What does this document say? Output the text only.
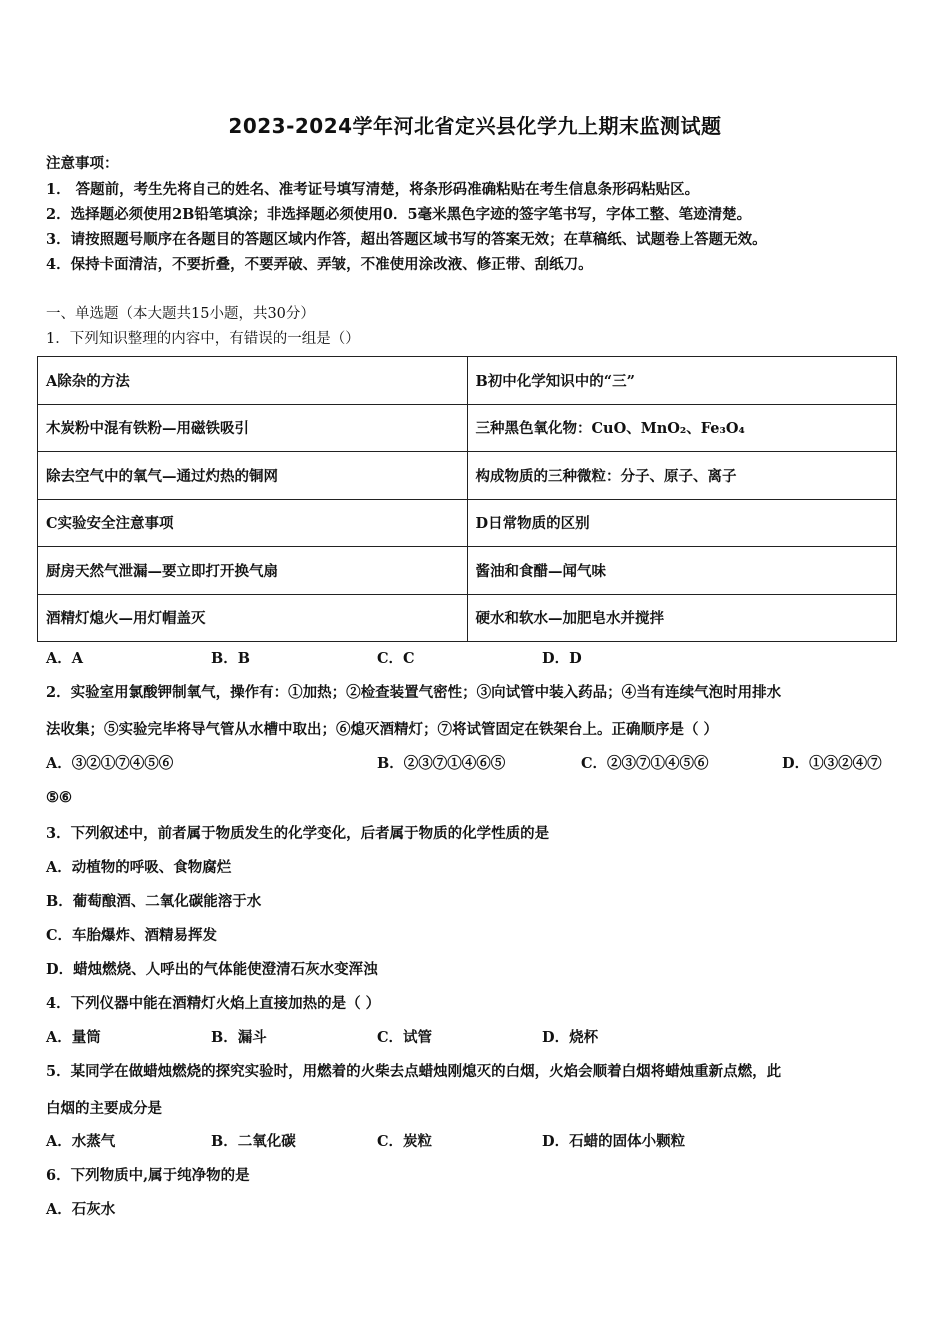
2023-2024学年河北省定兴县化学九上期末监测试题
注意事项：
1． 答题前，考生先将自己的姓名、准考证号填写清楚，将条形码准确粘贴在考生信息条形码粘贴区。
2．选择题必须使用2B铅笔填涂；非选择题必须使用0．5毫米黑色字迹的签字笔书写，字体工整、笔迹清楚。
3．请按照题号顺序在各题目的答题区域内作答，超出答题区域书写的答案无效；在草稿纸、试题卷上答题无效。
4．保持卡面清洁，不要折叠，不要弄破、弄皱，不准使用涂改液、修正带、刮纸刀。
一、单选题（本大题共15小题，共30分）
1．下列知识整理的内容中，有错误的一组是（）
A除杂的方法	B初中化学知识中的“三”
木炭粉中混有铁粉—用磁铁吸引	三种黑色氧化物：CuO、MnO₂、Fe₃O₄
除去空气中的氧气—通过灼热的铜网	构成物质的三种微粒：分子、原子、离子
C实验安全注意事项	D日常物质的区别
厨房天然气泄漏—要立即打开换气扇	酱油和食醋—闻气味
酒精灯熄火—用灯帽盖灭	硬水和软水—加肥皂水并搅拌
A．A	B．B	C．C	D．D
2．实验室用氯酸钾制氧气，操作有：①加热；②检查装置气密性；③向试管中装入药品；④当有连续气泡时用排水
法收集；⑤实验完毕将导气管从水槽中取出；⑥熄灭酒精灯；⑦将试管固定在铁架台上。正确顺序是（ ）
A．③②①⑦④⑤⑥	B．②③⑦①④⑥⑤	C．②③⑦①④⑤⑥	D．①③②④⑦
⑤⑥
3．下列叙述中，前者属于物质发生的化学变化，后者属于物质的化学性质的是
A．动植物的呼吸、食物腐烂
B．葡萄酿酒、二氧化碳能溶于水
C．车胎爆炸、酒精易挥发
D．蜡烛燃烧、人呼出的气体能使澄清石灰水变浑浊
4．下列仪器中能在酒精灯火焰上直接加热的是（ ）
A．量筒	B．漏斗	C．试管	D．烧杯
5．某同学在做蜡烛燃烧的探究实验时，用燃着的火柴去点蜡烛刚熄灭的白烟，火焰会顺着白烟将蜡烛重新点燃，此
白烟的主要成分是
A．水蒸气	B．二氧化碳	C．炭粒	D．石蜡的固体小颗粒
6．下列物质中,属于纯净物的是
A．石灰水
